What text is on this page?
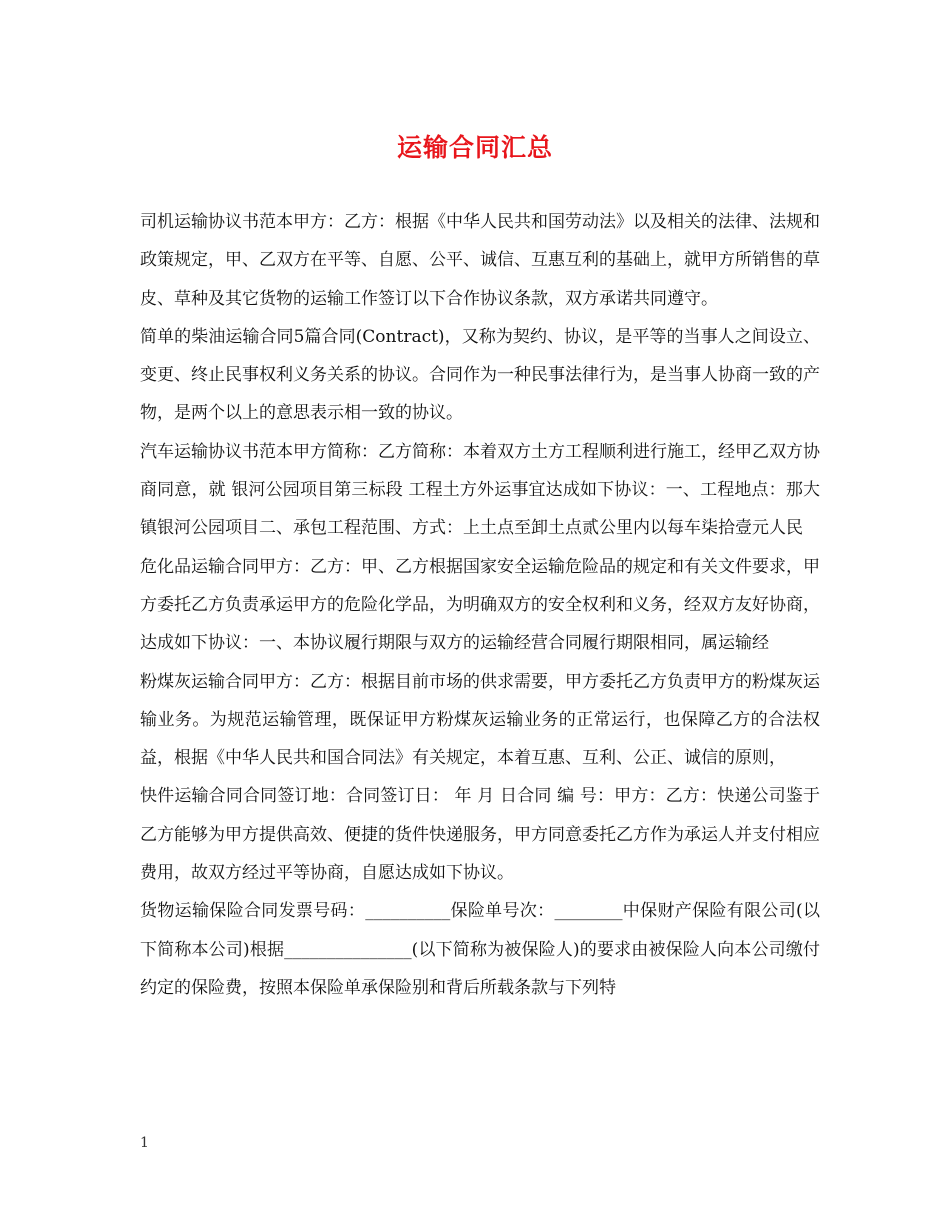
运输合同汇总

司机运输协议书范本甲方：乙方：根据《中华人民共和国劳动法》以及相关的法律、法规和政策规定，甲、乙双方在平等、自愿、公平、诚信、互惠互利的基础上，就甲方所销售的草皮、草种及其它货物的运输工作签订以下合作协议条款，双方承诺共同遵守。

简单的柴油运输合同5篇合同(Contract)，又称为契约、协议，是平等的当事人之间设立、变更、终止民事权利义务关系的协议。合同作为一种民事法律行为，是当事人协商一致的产物，是两个以上的意思表示相一致的协议。

汽车运输协议书范本甲方简称：乙方简称：本着双方土方工程顺利进行施工，经甲乙双方协商同意，就 银河公园项目第三标段 工程土方外运事宜达成如下协议：一、工程地点：那大镇银河公园项目二、承包工程范围、方式：上土点至卸土点贰公里内以每车柒拾壹元人民

危化品运输合同甲方：乙方：甲、乙方根据国家安全运输危险品的规定和有关文件要求，甲方委托乙方负责承运甲方的危险化学品，为明确双方的安全权利和义务，经双方友好协商，达成如下协议：一、本协议履行期限与双方的运输经营合同履行期限相同，属运输经

粉煤灰运输合同甲方：乙方：根据目前市场的供求需要，甲方委托乙方负责甲方的粉煤灰运输业务。为规范运输管理，既保证甲方粉煤灰运输业务的正常运行，也保障乙方的合法权益，根据《中华人民共和国合同法》有关规定，本着互惠、互利、公正、诚信的原则，

快件运输合同合同签订地：合同签订日： 年 月 日合同 编 号：甲方：乙方：快递公司鉴于乙方能够为甲方提供高效、便捷的货件快递服务，甲方同意委托乙方作为承运人并支付相应费用，故双方经过平等协商，自愿达成如下协议。

货物运输保险合同发票号码：__________保险单号次：________中保财产保险有限公司(以下简称本公司)根据_______________(以下简称为被保险人)的要求由被保险人向本公司缴付约定的保险费，按照本保险单承保险别和背后所载条款与下列特

1
